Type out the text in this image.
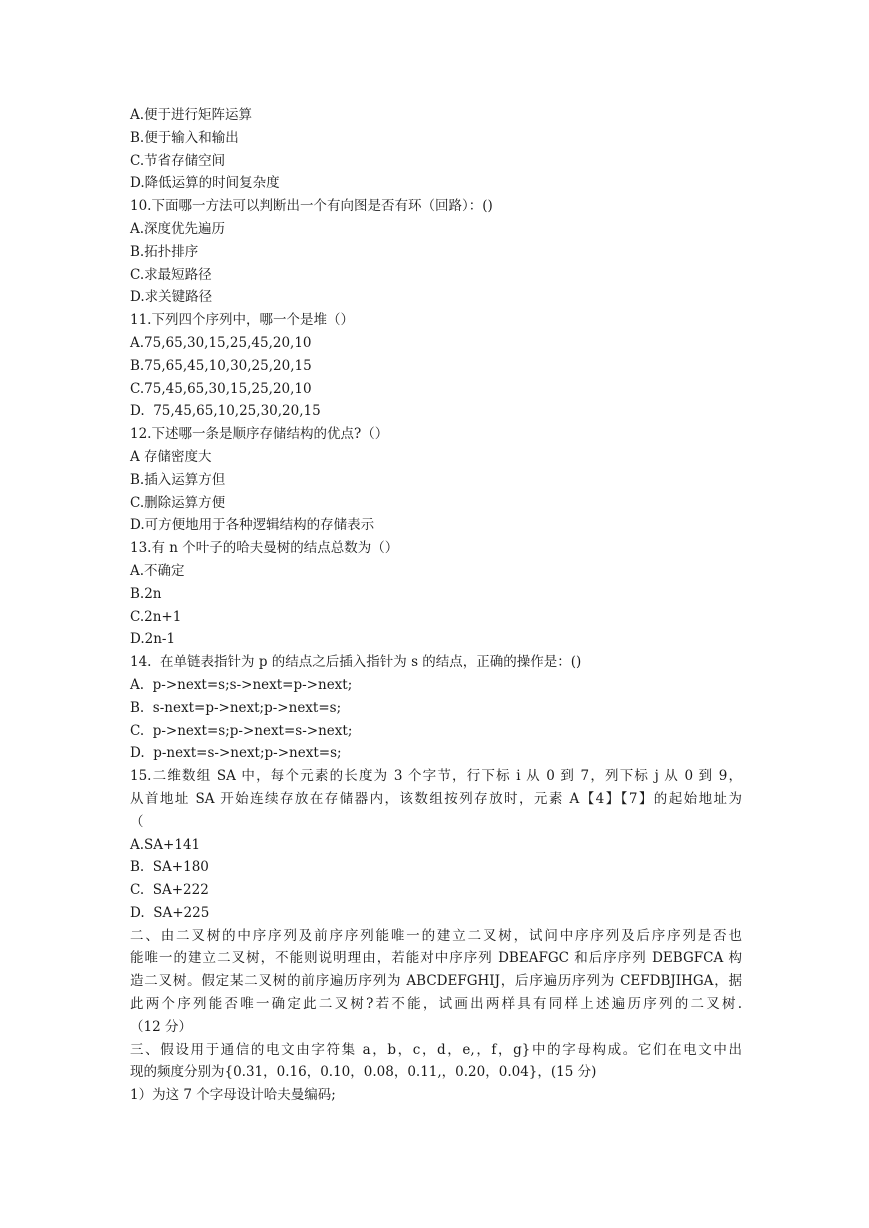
A.便于进行矩阵运算
B.便于输入和输出
C.节省存储空间
D.降低运算的时间复杂度
10.下面哪一方法可以判断出一个有向图是否有环（回路）：()
A.深度优先遍历
B.拓扑排序
C.求最短路径
D.求关键路径
11.下列四个序列中，哪一个是堆（）
A.75,65,30,15,25,45,20,10
B.75,65,45,10,30,25,20,15
C.75,45,65,30,15,25,20,10
D.  75,45,65,10,25,30,20,15
12.下述哪一条是顺序存储结构的优点?（）
A 存储密度大
B.插入运算方但
C.删除运算方便
D.可方便地用于各种逻辑结构的存储表示
13.有 n 个叶子的哈夫曼树的结点总数为（）
A.不确定
B.2n
C.2n+1
D.2n-1
14.  在单链表指针为 p 的结点之后插入指针为 s 的结点，正确的操作是：()
A.  p->next=s;s->next=p->next;
B.  s-next=p->next;p->next=s;
C.  p->next=s;p->next=s->next;
D.  p-next=s->next;p->next=s;
15.二维数组 SA 中，每个元素的长度为 3 个字节，行下标 i 从 0 到 7，列下标 j 从 0 到 9，
从首地址 SA 开始连续存放在存储器内，该数组按列存放时，元素 A【4】【7】的起始地址为
（
A.SA+141
B.  SA+180
C.  SA+222
D.  SA+225
二、由二叉树的中序序列及前序序列能唯一的建立二叉树，试问中序序列及后序序列是否也
能唯一的建立二叉树，不能则说明理由，若能对中序序列 DBEAFGC 和后序序列 DEBGFCA 构
造二叉树。假定某二叉树的前序遍历序列为 ABCDEFGHIJ，后序遍历序列为 CEFDBJIHGA，据
此两个序列能否唯一确定此二叉树?若不能，试画出两样具有同样上述遍历序列的二叉树.
（12 分）
三、假设用于通信的电文由字符集 a，b，c，d，e,，f，g}中的字母构成。它们在电文中出
现的频度分别为{0.31，0.16，0.10，0.08，0.11,，0.20，0.04}，(15 分)
1）为这 7 个字母设计哈夫曼编码;
